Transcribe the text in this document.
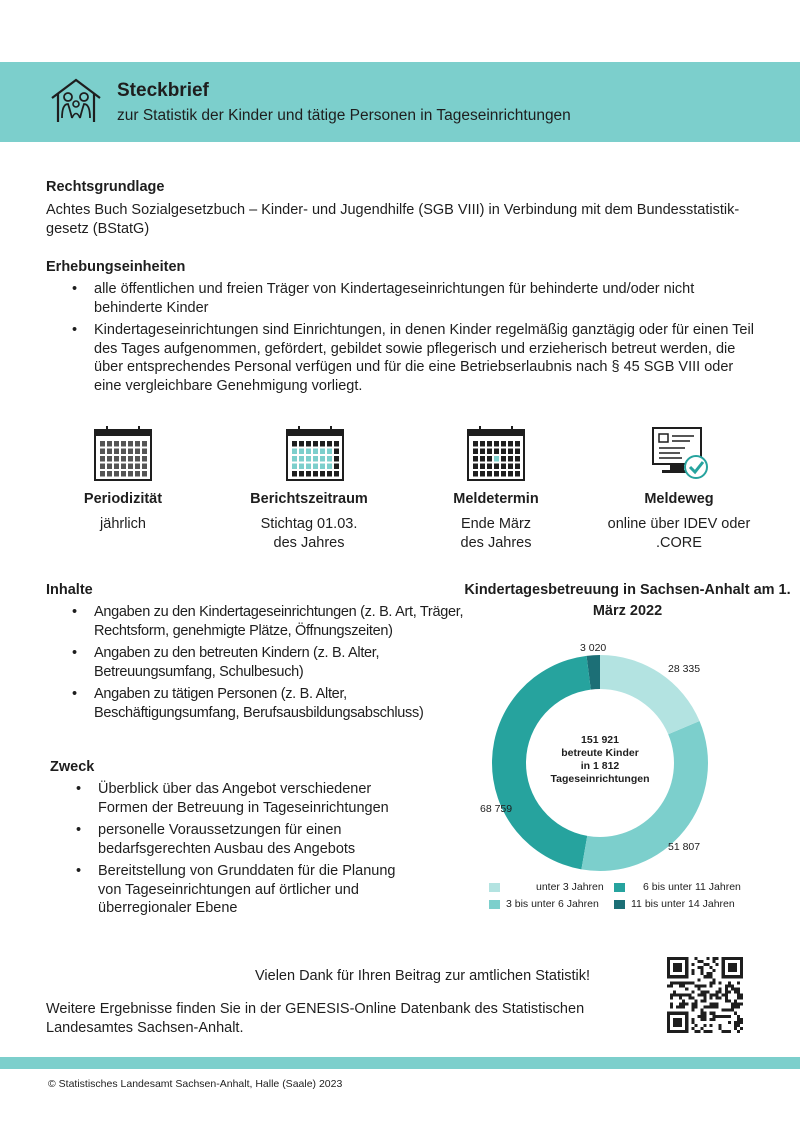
Steckbrief
zur Statistik der Kinder und tätige Personen in Tageseinrichtungen
Rechtsgrundlage
Achtes Buch Sozialgesetzbuch – Kinder- und Jugendhilfe (SGB VIII) in Verbindung mit dem Bundesstatistik-gesetz (BStatG)
Erhebungseinheiten
• alle öffentlichen und freien Träger von Kindertageseinrichtungen für behinderte und/oder nicht behinderte Kinder
• Kindertageseinrichtungen sind Einrichtungen, in denen Kinder regelmäßig ganztägig oder für einen Teil des Tages aufgenommen, gefördert, gebildet sowie pflegerisch und erzieherisch betreut werden, die über entsprechendes Personal verfügen und für die eine Betriebserlaubnis nach § 45 SGB VIII oder eine vergleichbare Genehmigung vorliegt.
Periodizität
jährlich
Berichtszeitraum
Stichtag 01.03.
des Jahres
Meldetermin
Ende März
des Jahres
Meldeweg
online über IDEV oder
.CORE
Inhalte
• Angaben zu den Kindertageseinrichtungen (z. B. Art, Träger, Rechtsform, genehmigte Plätze, Öffnungszeiten)
• Angaben zu den betreuten Kindern (z. B. Alter, Betreuungsumfang, Schulbesuch)
• Angaben zu tätigen Personen (z. B. Alter, Beschäftigungsumfang, Berufsausbildungsabschluss)
Zweck
• Überblick über das Angebot verschiedener Formen der Betreuung in Tageseinrichtungen
• personelle Voraussetzungen für einen bedarfsgerechten Ausbau des Angebots
• Bereitstellung von Grunddaten für die Planung von Tageseinrichtungen auf örtlicher und überregionaler Ebene
Kindertagesbetreuung in Sachsen-Anhalt am 1. März 2022
151 921
betreute Kinder
in 1 812
Tageseinrichtungen
28 335
51 807
68 759
3 020
unter 3 Jahren
3 bis unter 6 Jahren
6 bis unter 11 Jahren
11 bis unter 14 Jahren
Vielen Dank für Ihren Beitrag zur amtlichen Statistik!
Weitere Ergebnisse finden Sie in der GENESIS-Online Datenbank des Statistischen Landesamtes Sachsen-Anhalt.
© Statistisches Landesamt Sachsen-Anhalt, Halle (Saale) 2023
